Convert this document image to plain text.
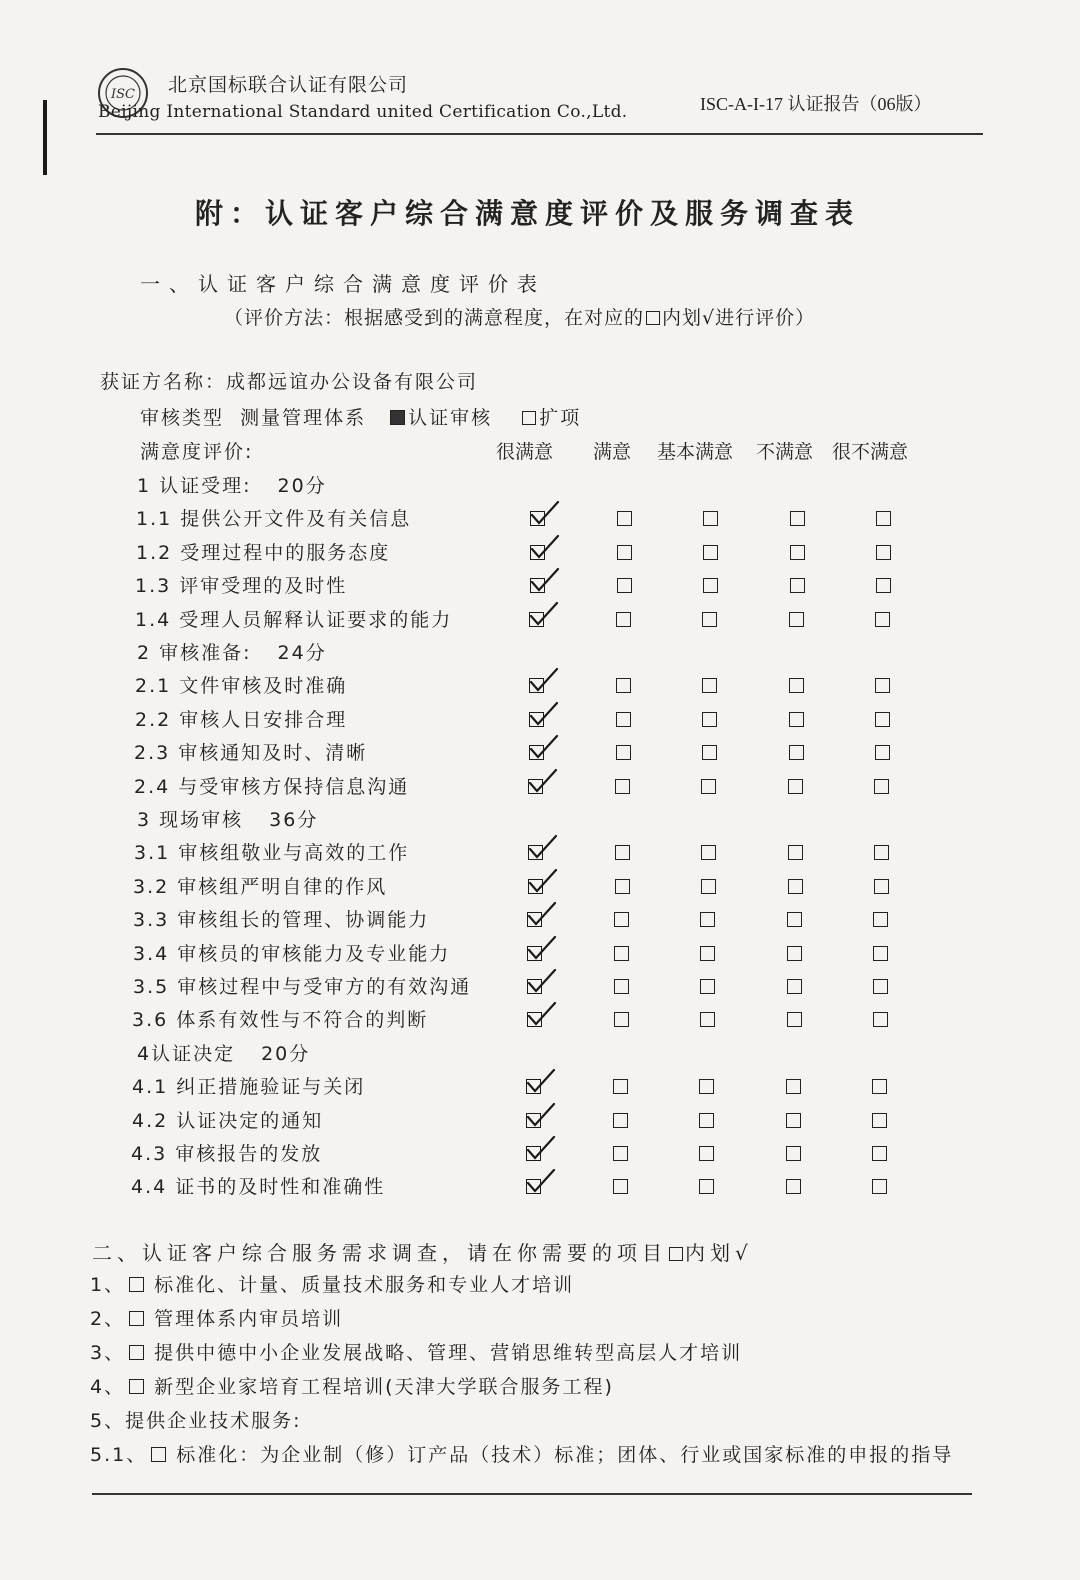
ISC 北京国标联合认证有限公司
Beijing International Standard united Certification Co.,Ltd.	ISC-A-I-17 认证报告（06版）
附：认证客户综合满意度评价及服务调查表
一、认证客户综合满意度评价表
（评价方法：根据感受到的满意程度，在对应的 内划√进行评价）
获证方名称：成都远谊办公设备有限公司
审核类型 测量管理体系 认证审核 扩项
满意度评价:	很满意 满意 基本满意 不满意 很不满意
1 认证受理: 20分
1.1 提供公开文件及有关信息
1.2 受理过程中的服务态度
1.3 评审受理的及时性
1.4 受理人员解释认证要求的能力
2 审核准备: 24分
2.1 文件审核及时准确
2.2 审核人日安排合理
2.3 审核通知及时、清晰
2.4 与受审核方保持信息沟通
3 现场审核 36分
3.1 审核组敬业与高效的工作
3.2 审核组严明自律的作风
3.3 审核组长的管理、协调能力
3.4 审核员的审核能力及专业能力
3.5 审核过程中与受审方的有效沟通
3.6 体系有效性与不符合的判断
4认证决定 20分
4.1 纠正措施验证与关闭
4.2 认证决定的通知
4.3 审核报告的发放
4.4 证书的及时性和准确性
二、认证客户综合服务需求调查，请在你需要的项目 内划√
1、 标准化、计量、质量技术服务和专业人才培训
2、 管理体系内审员培训
3、 提供中德中小企业发展战略、管理、营销思维转型高层人才培训
4、 新型企业家培育工程培训(天津大学联合服务工程)
5、提供企业技术服务:
5.1、 标准化：为企业制（修）订产品（技术）标准；团体、行业或国家标准的申报的指导
